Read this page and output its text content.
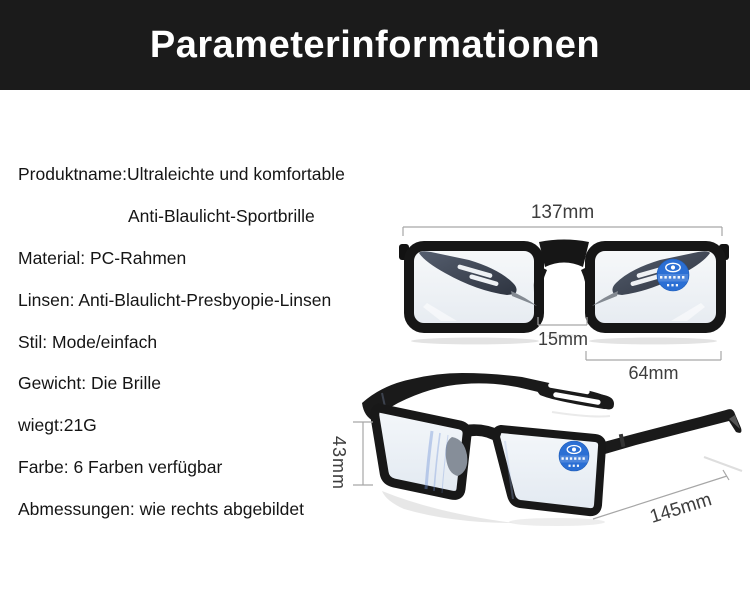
Parameterinformationen
Produktname:Ultraleichte und komfortable
Anti-Blaulicht-Sportbrille
Material: PC-Rahmen
Linsen: Anti-Blaulicht-Presbyopie-Linsen
Stil: Mode/einfach
Gewicht: Die Brille
wiegt:21G
Farbe: 6 Farben verfügbar
Abmessungen: wie rechts abgebildet
137mm
15mm
64mm
43mm
145mm
